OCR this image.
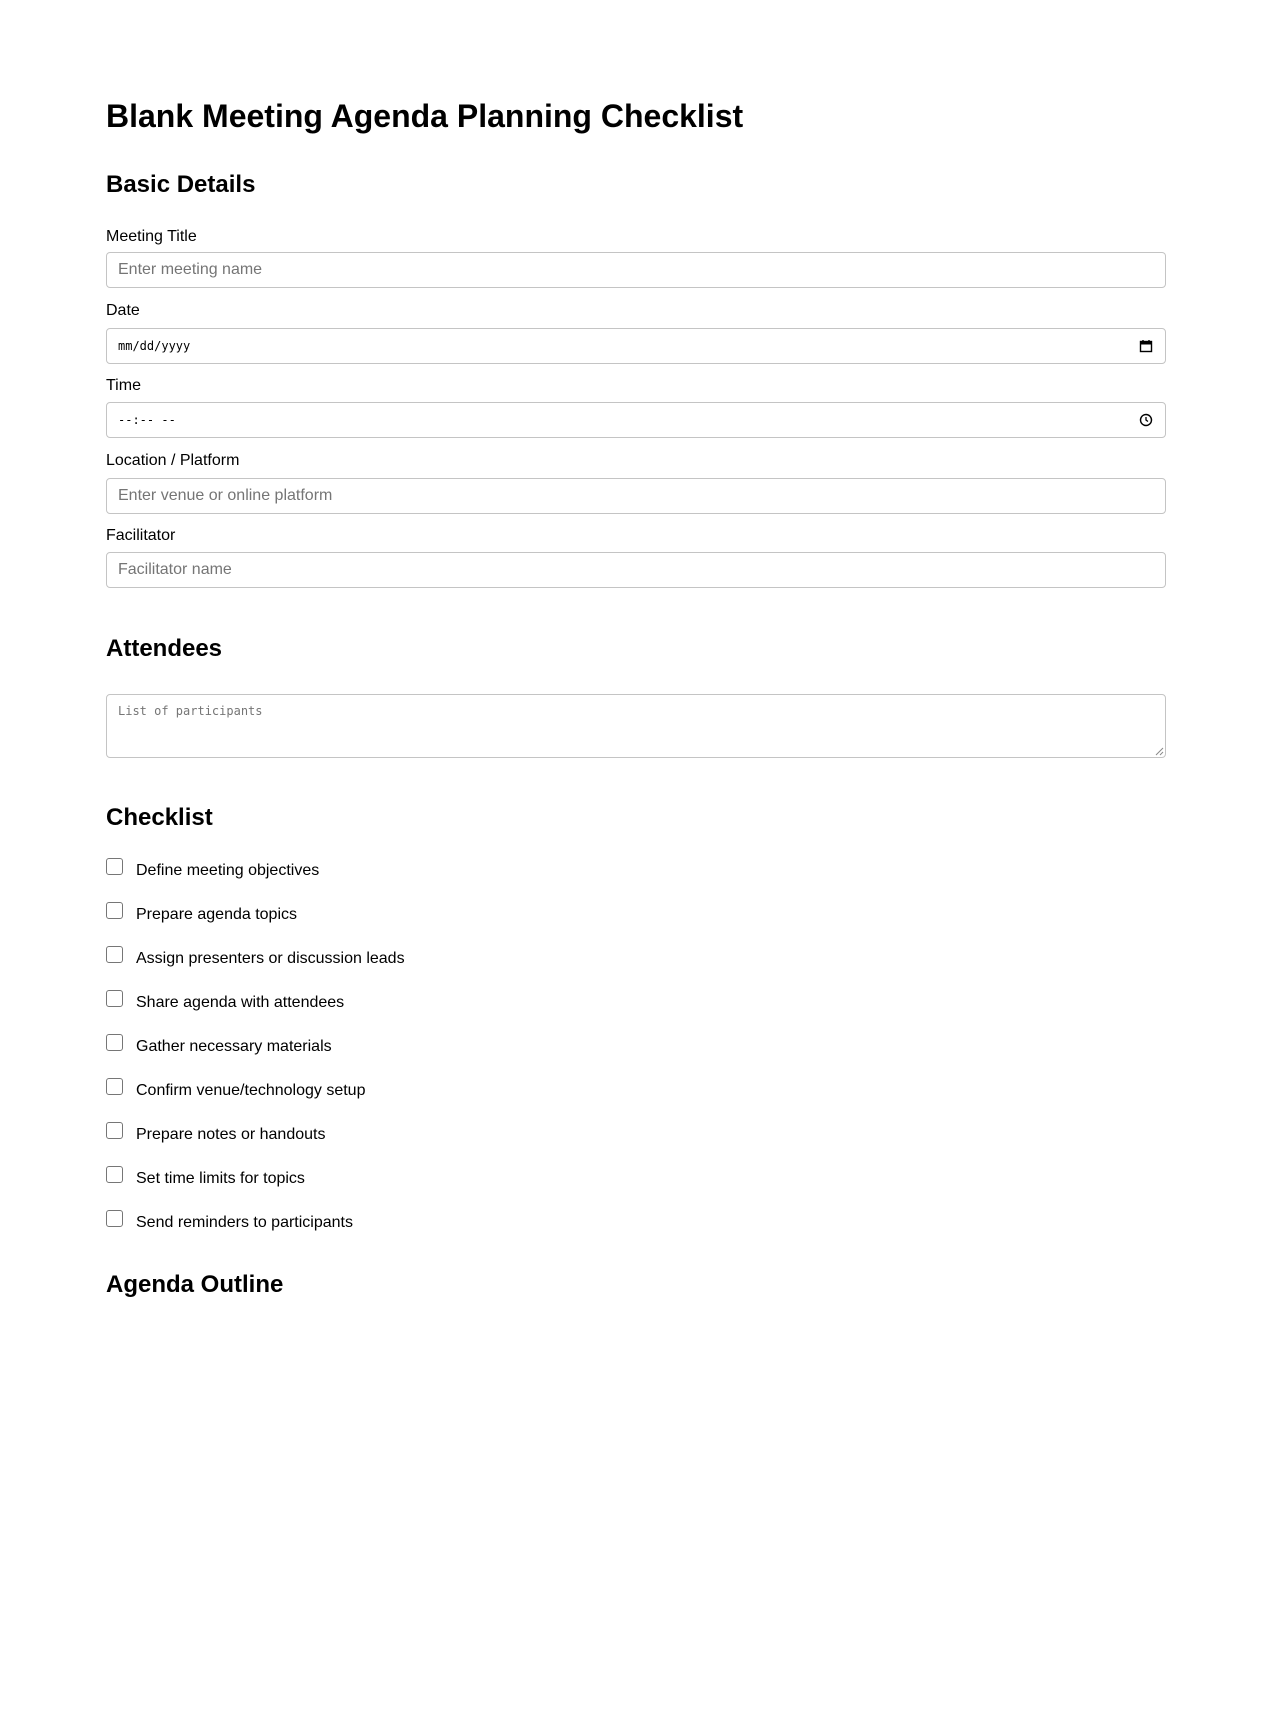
Blank Meeting Agenda Planning Checklist
Basic Details
Meeting Title
Enter meeting name
Date
mm/dd/yyyy
Time
--:-- --
Location / Platform
Enter venue or online platform
Facilitator
Facilitator name
Attendees
List of participants
Checklist
Define meeting objectives
Prepare agenda topics
Assign presenters or discussion leads
Share agenda with attendees
Gather necessary materials
Confirm venue/technology setup
Prepare notes or handouts
Set time limits for topics
Send reminders to participants
Agenda Outline
